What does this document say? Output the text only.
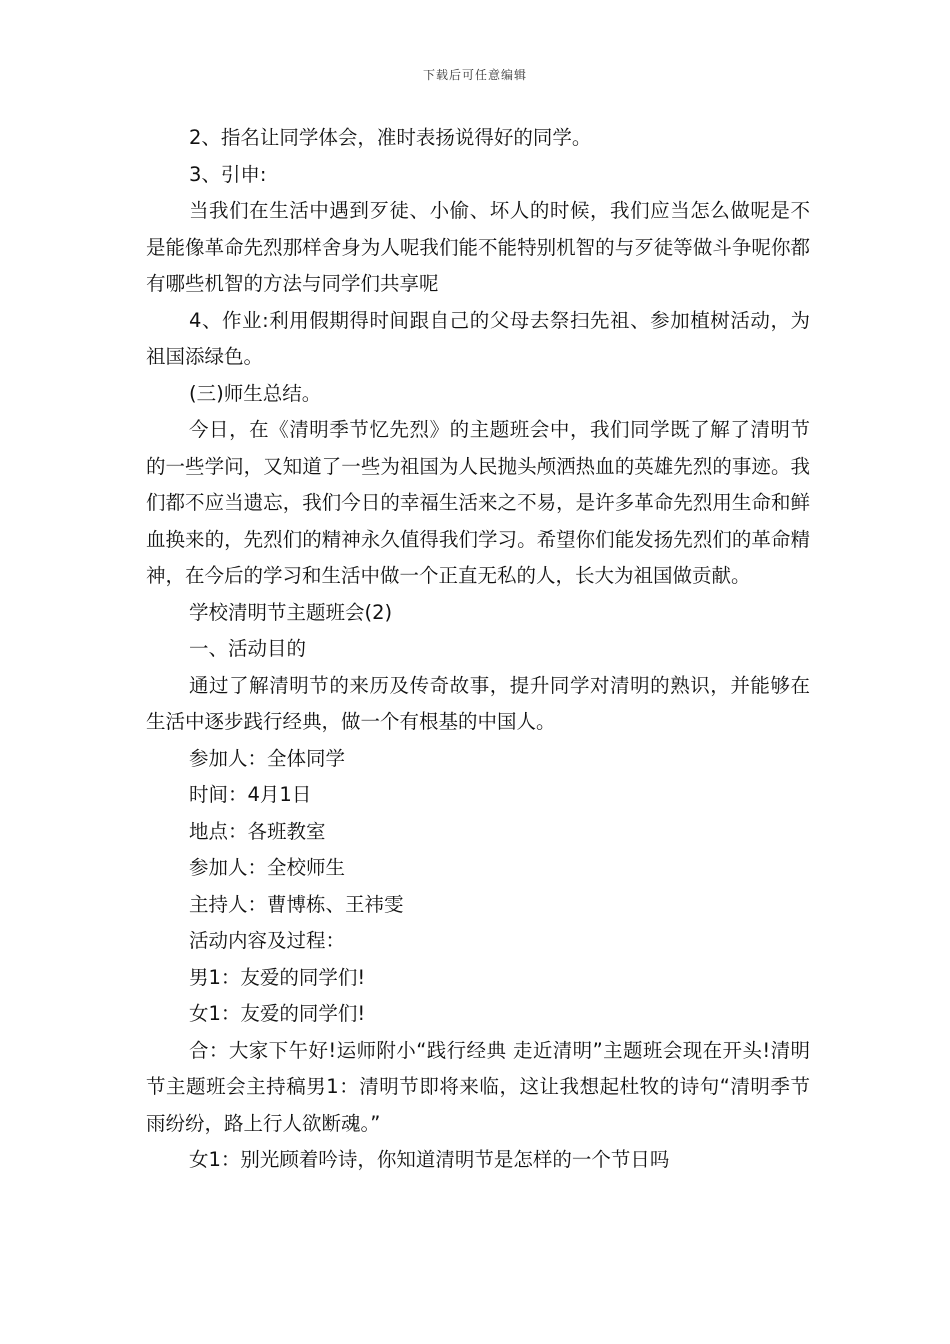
下载后可任意编辑

2、指名让同学体会，准时表扬说得好的同学。

3、引申:

当我们在生活中遇到歹徒、小偷、坏人的时候，我们应当怎么做呢是不是能像革命先烈那样舍身为人呢我们能不能特别机智的与歹徒等做斗争呢你都有哪些机智的方法与同学们共享呢

4、作业:利用假期得时间跟自己的父母去祭扫先祖、参加植树活动，为祖国添绿色。

(三)师生总结。

今日，在《清明季节忆先烈》的主题班会中，我们同学既了解了清明节的一些学问，又知道了一些为祖国为人民抛头颅洒热血的英雄先烈的事迹。我们都不应当遗忘，我们今日的幸福生活来之不易，是许多革命先烈用生命和鲜血换来的，先烈们的精神永久值得我们学习。希望你们能发扬先烈们的革命精神，在今后的学习和生活中做一个正直无私的人，长大为祖国做贡献。

学校清明节主题班会(2)

一、活动目的

通过了解清明节的来历及传奇故事，提升同学对清明的熟识，并能够在生活中逐步践行经典，做一个有根基的中国人。

参加人：全体同学

时间：4月1日

地点：各班教室

参加人：全校师生

主持人：曹博栋、王祎雯

活动内容及过程：

男1：友爱的同学们!

女1：友爱的同学们!

合：大家下午好!运师附小“践行经典 走近清明”主题班会现在开头!清明节主题班会主持稿男1：清明节即将来临，这让我想起杜牧的诗句“清明季节雨纷纷，路上行人欲断魂。”

女1：别光顾着吟诗，你知道清明节是怎样的一个节日吗
